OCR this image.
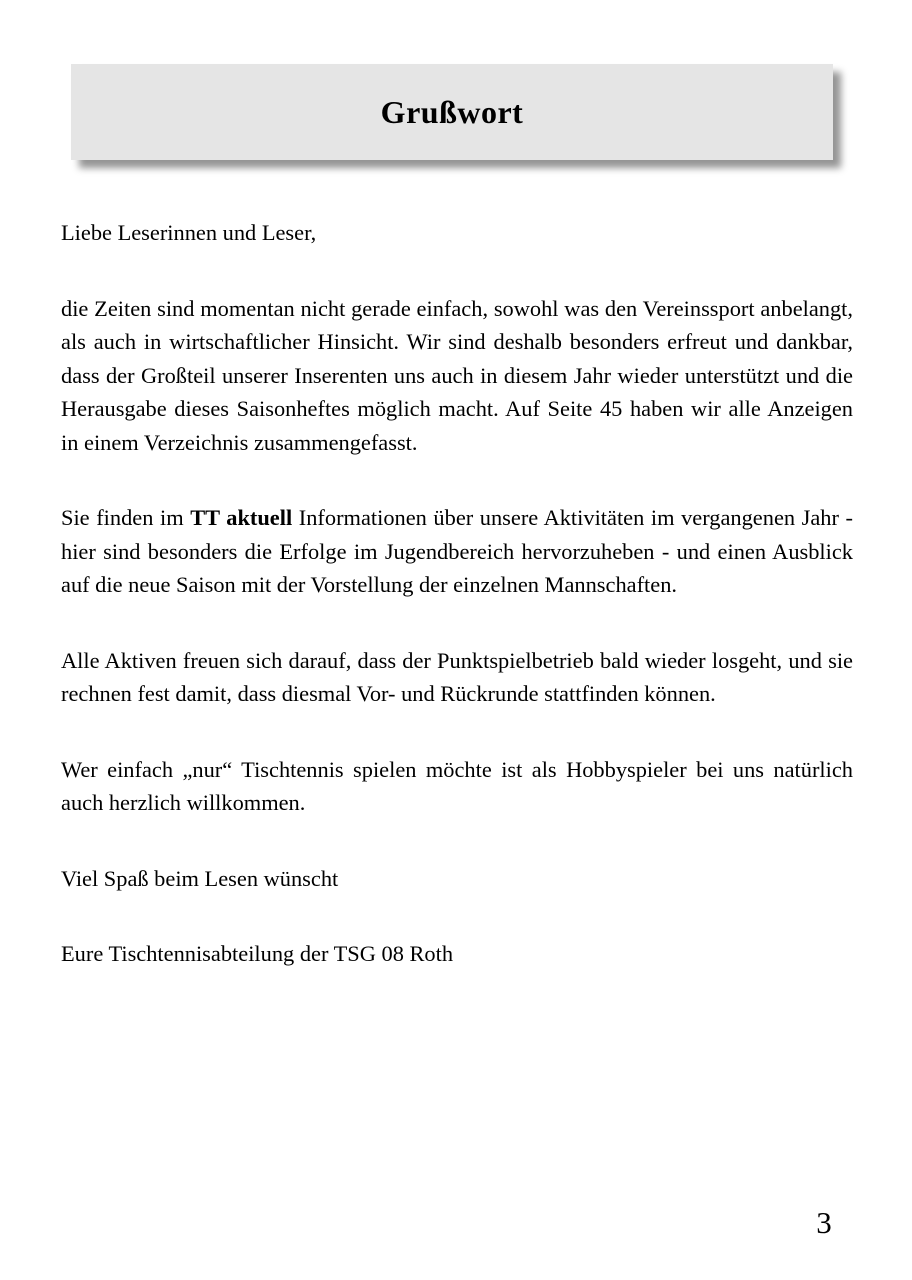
Grußwort

Liebe Leserinnen und Leser,

die Zeiten sind momentan nicht gerade einfach, sowohl was den Vereinssport anbelangt, als auch in wirtschaftlicher Hinsicht. Wir sind deshalb besonders erfreut und dankbar, dass der Großteil unserer Inserenten uns auch in diesem Jahr wieder unterstützt und die Herausgabe dieses Saisonheftes möglich macht. Auf Seite 45 haben wir alle Anzeigen in einem Verzeichnis zusammengefasst.

Sie finden im TT aktuell Informationen über unsere Aktivitäten im vergangenen Jahr - hier sind besonders die Erfolge im Jugendbereich hervorzuheben - und einen Ausblick auf die neue Saison mit der Vorstellung der einzelnen Mannschaften.

Alle Aktiven freuen sich darauf, dass der Punktspielbetrieb bald wieder losgeht, und sie rechnen fest damit, dass diesmal Vor- und Rückrunde stattfinden können.

Wer einfach „nur“ Tischtennis spielen möchte ist als Hobbyspieler bei uns natürlich auch herzlich willkommen.

Viel Spaß beim Lesen wünscht

Eure Tischtennisabteilung der TSG 08 Roth

3
